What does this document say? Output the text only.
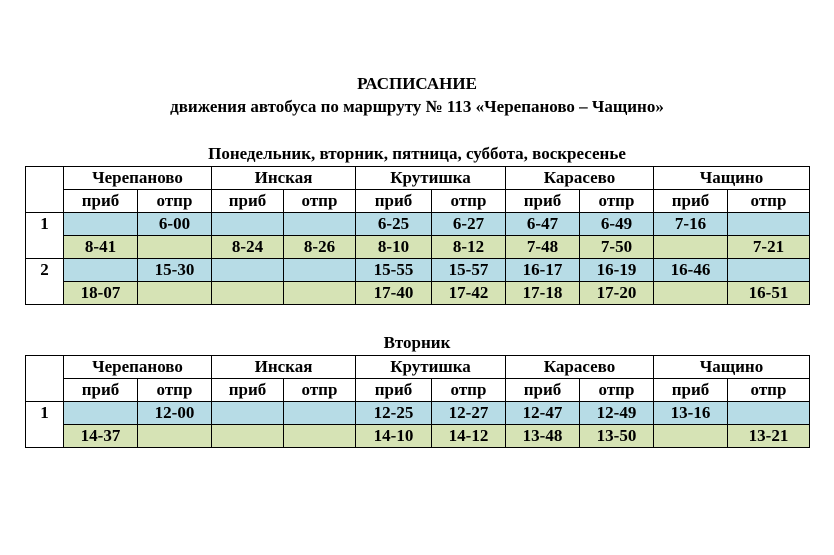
РАСПИСАНИЕ
движения автобуса по маршруту № 113 «Черепаново – Чащино»
Понедельник, вторник, пятница, суббота, воскресенье
	Черепаново		Инская		Крутишка		Карасево		Чащино	
	приб	отпр	приб	отпр	приб	отпр	приб	отпр	приб	отпр
1		6-00			6-25	6-27	6-47	6-49	7-16	
	8-41		8-24	8-26	8-10	8-12	7-48	7-50		7-21
2		15-30			15-55	15-57	16-17	16-19	16-46	
	18-07				17-40	17-42	17-18	17-20		16-51
Вторник
	Черепаново		Инская		Крутишка		Карасево		Чащино	
	приб	отпр	приб	отпр	приб	отпр	приб	отпр	приб	отпр
1		12-00			12-25	12-27	12-47	12-49	13-16	
	14-37				14-10	14-12	13-48	13-50		13-21
